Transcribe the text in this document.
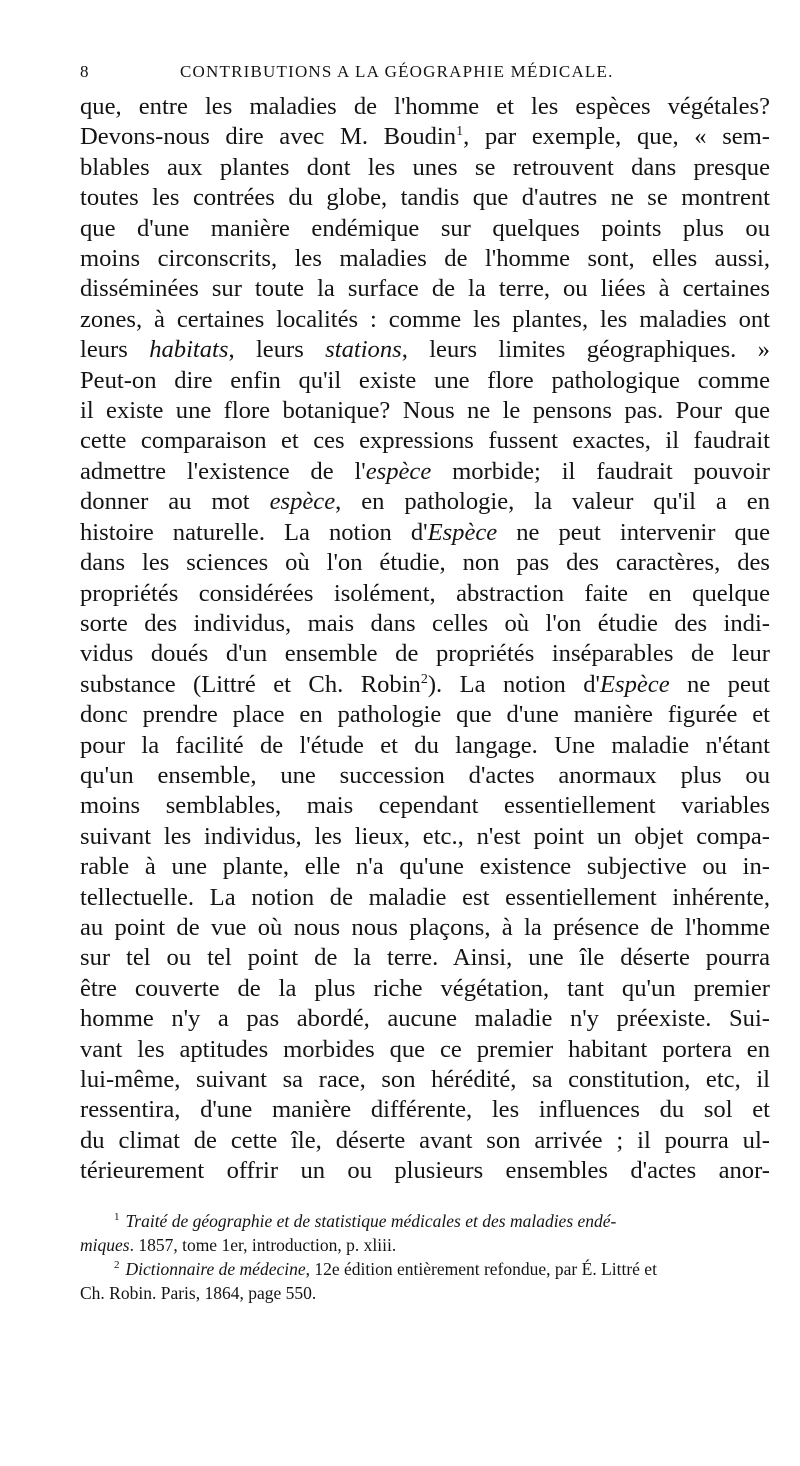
8	CONTRIBUTIONS A LA GÉOGRAPHIE MÉDICALE.
que, entre les maladies de l'homme et les espèces végétales?
Devons-nous dire avec M. Boudin$^1$, par exemple, que, « sem-
blables aux plantes dont les unes se retrouvent dans presque
toutes les contrées du globe, tandis que d'autres ne se montrent
que d'une manière endémique sur quelques points plus ou
moins circonscrits, les maladies de l'homme sont, elles aussi,
disséminées sur toute la surface de la terre, ou liées à certaines
zones, à certaines localités : comme les plantes, les maladies ont
leurs habitats, leurs stations, leurs limites géographiques. »
Peut-on dire enfin qu'il existe une flore pathologique comme
il existe une flore botanique? Nous ne le pensons pas. Pour que
cette comparaison et ces expressions fussent exactes, il faudrait
admettre l'existence de l'espèce morbide; il faudrait pouvoir
donner au mot espèce, en pathologie, la valeur qu'il a en
histoire naturelle. La notion d'Espèce ne peut intervenir que
dans les sciences où l'on étudie, non pas des caractères, des
propriétés considérées isolément, abstraction faite en quelque
sorte des individus, mais dans celles où l'on étudie des indi-
vidus doués d'un ensemble de propriétés inséparables de leur
substance (Littré et Ch. Robin$^2$). La notion d'Espèce ne peut
donc prendre place en pathologie que d'une manière figurée et
pour la facilité de l'étude et du langage. Une maladie n'étant
qu'un ensemble, une succession d'actes anormaux plus ou
moins semblables, mais cependant essentiellement variables
suivant les individus, les lieux, etc., n'est point un objet compa-
rable à une plante, elle n'a qu'une existence subjective ou in-
tellectuelle. La notion de maladie est essentiellement inhérente,
au point de vue où nous nous plaçons, à la présence de l'homme
sur tel ou tel point de la terre. Ainsi, une île déserte pourra
être couverte de la plus riche végétation, tant qu'un premier
homme n'y a pas abordé, aucune maladie n'y préexiste. Sui-
vant les aptitudes morbides que ce premier habitant portera en
lui-même, suivant sa race, son hérédité, sa constitution, etc, il
ressentira, d'une manière différente, les influences du sol et
du climat de cette île, déserte avant son arrivée ; il pourra ul-
térieurement offrir un ou plusieurs ensembles d'actes anor-
$^1$ Traité de géographie et de statistique médicales et des maladies endé-
miques. 1857, tome 1er, introduction, p. xliii.
$^2$ Dictionnaire de médecine, 12e édition entièrement refondue, par É. Littré et
Ch. Robin. Paris, 1864, page 550.
